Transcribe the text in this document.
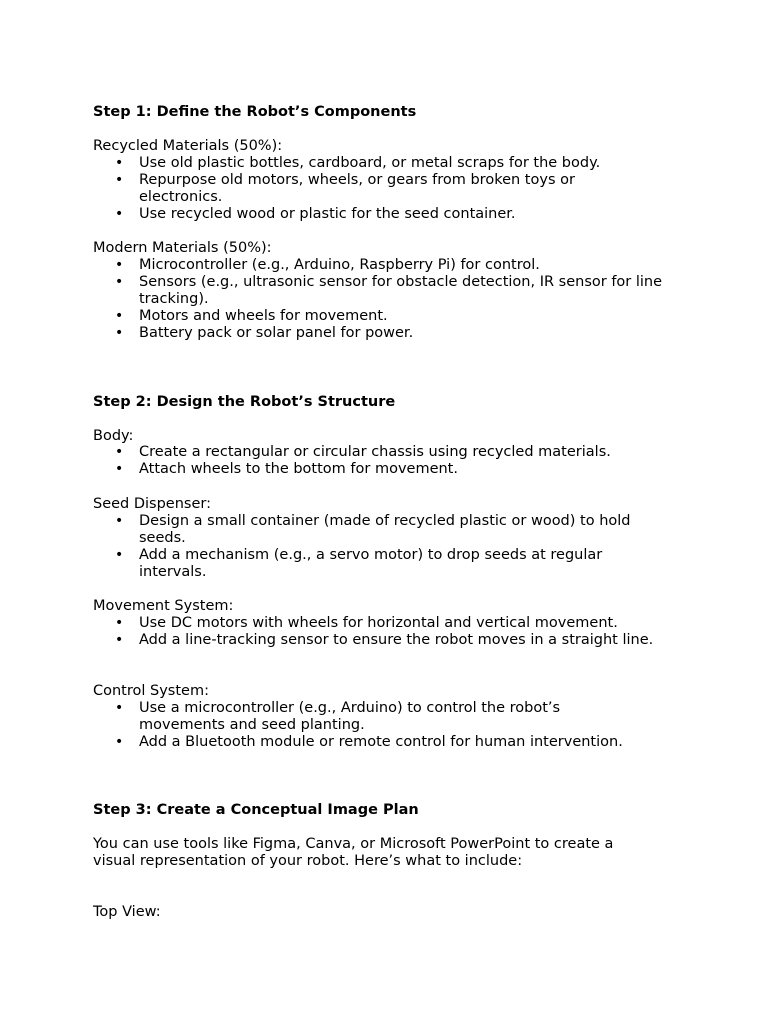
Step 1: Define the Robot’s Components
Recycled Materials (50%):
• Use old plastic bottles, cardboard, or metal scraps for the body.
• Repurpose old motors, wheels, or gears from broken toys or electronics.
• Use recycled wood or plastic for the seed container.
Modern Materials (50%):
• Microcontroller (e.g., Arduino, Raspberry Pi) for control.
• Sensors (e.g., ultrasonic sensor for obstacle detection, IR sensor for line tracking).
• Motors and wheels for movement.
• Battery pack or solar panel for power.
Step 2: Design the Robot’s Structure
Body:
• Create a rectangular or circular chassis using recycled materials.
• Attach wheels to the bottom for movement.
Seed Dispenser:
• Design a small container (made of recycled plastic or wood) to hold seeds.
• Add a mechanism (e.g., a servo motor) to drop seeds at regular intervals.
Movement System:
• Use DC motors with wheels for horizontal and vertical movement.
• Add a line-tracking sensor to ensure the robot moves in a straight line.
Control System:
• Use a microcontroller (e.g., Arduino) to control the robot’s movements and seed planting.
• Add a Bluetooth module or remote control for human intervention.
Step 3: Create a Conceptual Image Plan
You can use tools like Figma, Canva, or Microsoft PowerPoint to create a
visual representation of your robot. Here’s what to include:
Top View:
